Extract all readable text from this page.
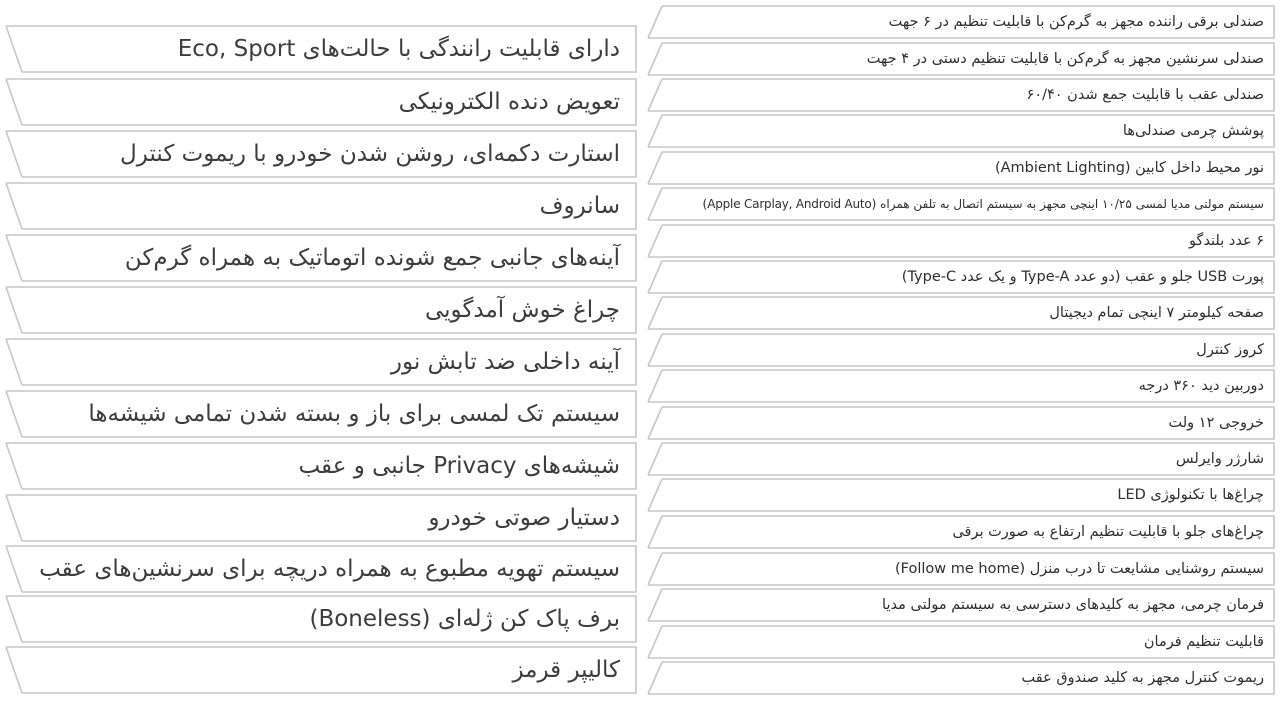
دارای قابلیت رانندگی با حالت‌های Eco, Sport
تعویض دنده الکترونیکی
استارت دکمه‌ای، روشن شدن خودرو با ریموت کنترل
سانروف
آینه‌های جانبی جمع شونده اتوماتیک به همراه گرم‌کن
چراغ خوش آمدگویی
آینه داخلی ضد تابش نور
سیستم تک لمسی برای باز و بسته شدن تمامی شیشه‌ها
شیشه‌های Privacy جانبی و عقب
دستیار صوتی خودرو
سیستم تهویه مطبوع به همراه دریچه برای سرنشین‌های عقب
برف پاک کن ژله‌ای (Boneless)
کالیپر قرمز
صندلی برقی راننده مجهز به گرم‌کن با قابلیت تنظیم در ۶ جهت
صندلی سرنشین مجهز به گرم‌کن با قابلیت تنظیم دستی در ۴ جهت
صندلی عقب با قابلیت جمع شدن ۶۰/۴۰
پوشش چرمی صندلی‌ها
نور محیط داخل کابین (Ambient Lighting)
سیستم مولتی مدیا لمسی ۱۰/۲۵ اینچی مجهز به سیستم اتصال به تلفن همراه (Apple Carplay, Android Auto)
۶ عدد بلندگو
پورت USB جلو و عقب (دو عدد Type-A و یک عدد Type-C)
صفحه کیلومتر ۷ اینچی تمام دیجیتال
کروز کنترل
دوربین دید ۳۶۰ درجه
خروجی ۱۲ ولت
شارژر وایرلس
چراغ‌ها با تکنولوژی LED
چراغ‌های جلو با قابلیت تنظیم ارتفاع به صورت برقی
سیستم روشنایی مشایعت تا درب منزل (Follow me home)
فرمان چرمی، مجهز به کلیدهای دسترسی به سیستم مولتی مدیا
قابلیت تنظیم فرمان
ریموت کنترل مجهز به کلید صندوق عقب
